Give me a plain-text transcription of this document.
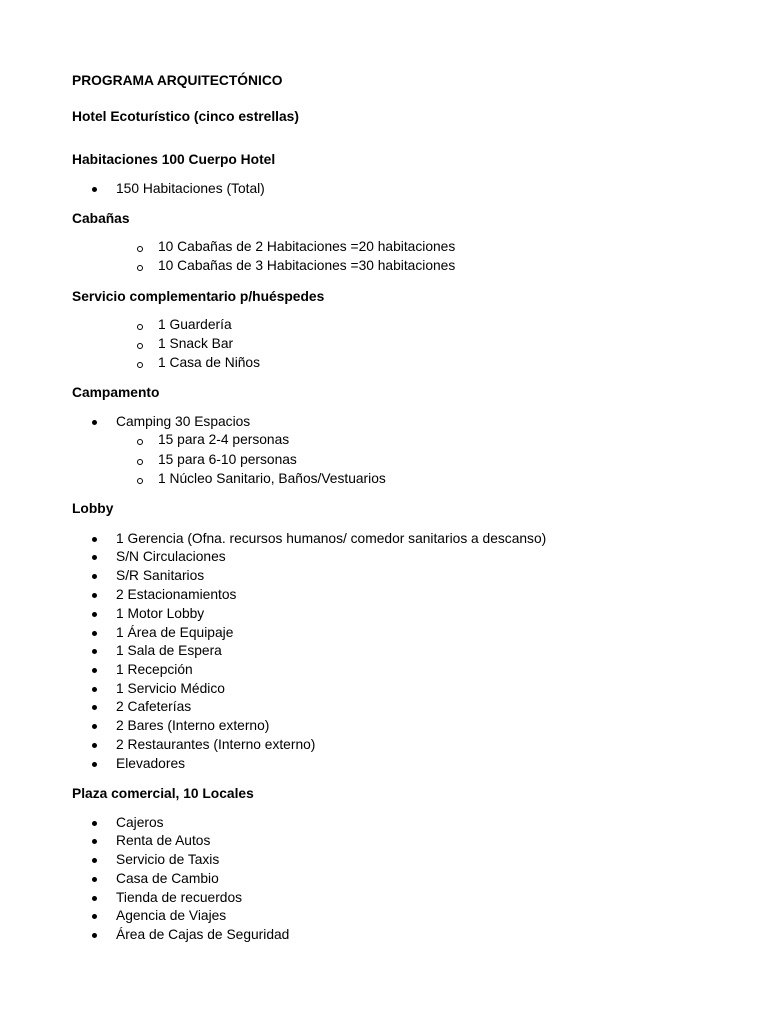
PROGRAMA ARQUITECTÓNICO
Hotel Ecoturístico (cinco estrellas)
Habitaciones 100 Cuerpo Hotel
150 Habitaciones (Total)
Cabañas
10 Cabañas de 2 Habitaciones =20 habitaciones
10 Cabañas de 3 Habitaciones =30 habitaciones
Servicio complementario p/huéspedes
1 Guardería
1 Snack Bar
1 Casa de Niños
Campamento
Camping 30 Espacios
15 para 2-4 personas
15 para 6-10 personas
1 Núcleo Sanitario, Baños/Vestuarios
Lobby
1 Gerencia (Ofna. recursos humanos/ comedor sanitarios a descanso)
S/N Circulaciones
S/R Sanitarios
2 Estacionamientos
1 Motor Lobby
1 Área de Equipaje
1 Sala de Espera
1 Recepción
1 Servicio Médico
2 Cafeterías
2 Bares (Interno externo)
2 Restaurantes (Interno externo)
Elevadores
Plaza comercial, 10 Locales
Cajeros
Renta de Autos
Servicio de Taxis
Casa de Cambio
Tienda de recuerdos
Agencia de Viajes
Área de Cajas de Seguridad
